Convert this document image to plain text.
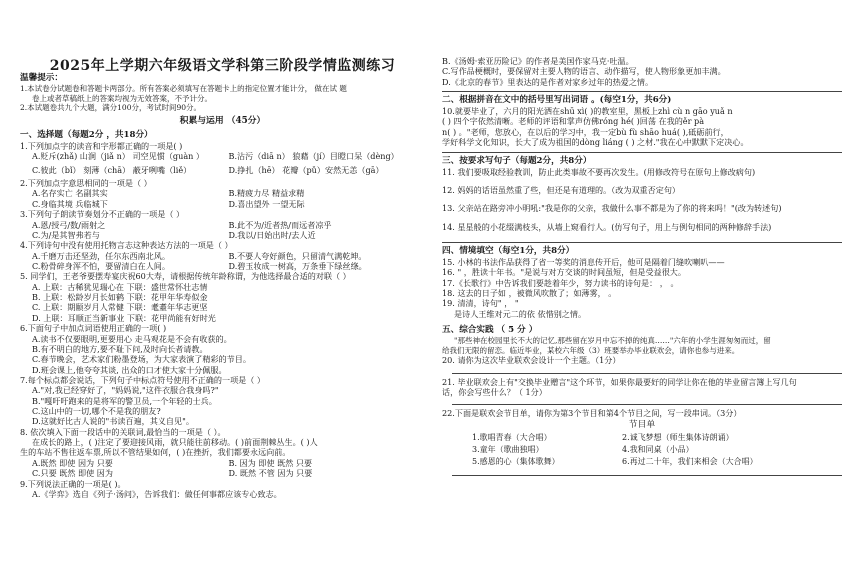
2025年上学期六年级语文学科第三阶段学情监测练习

温馨提示：

1.本试卷分试题卷和答题卡两部分。所有答案必须填写在答题卡上的指定位置才能计分， 做在试 题

卷上或者草稿纸上的答案均视为无效答案，不予计分。

2.本试题卷共九个大题，满分100分，考试时间90分。

积累与运用 （45分）

一、选择题（每题2分 ，共18分）

1.下列加点字的读音和字形都正确的一项是( )

A.贬斥(zhǎ) 山涧（jiǎ n） 司空见惯（guàn ）	B.沾污（diā n） 狼藉（jí）目瞪口呆（dèng）
C.彼此（bǐ） 刻薄（chā） 蔽牙咧嘴（liě）	D.挣扎（hē） 花瓣（pǔ）安然无恙（gā）

2.下列加点字意思相同的一项是（ ）

A.名存实亡 名副其实	B.精疲力尽 精益求精
C.身临其境 兵临城下	D.喜出望外 一望无际

3.下列句子朗读节奏划分不正确的一项是（ ）

A.恩/授弓/数/雨射之	B.此不为/近者热/而远者凉乎
C.为/是其智弗若与	D.我以/日始出时/去人近

4.下列诗句中没有使用托物言志这种表达方法的一项是（ ）

A.千磨万击还坚劲，任尔东西南北风。	B.不要人夸好颜色，只留清气满乾坤。
C.粉骨碎身浑不怕，要留清白在人间。	D.碧玉妆成一树高，万条垂下绿丝绦。

5. 同学们，王老爷要摆寿宴庆祝60大寿，请根据传统年龄称谓，为他选择最合适的对联（ ）

A. 上联：古稀犹见瑞心在 下联：盛世常怀壮志情

B. 上联：松龄岁月长如鹤 下联：花甲年华寿似金

C. 上联：期颐岁月人常健 下联：耄耋年华志更坚

D. 上联：耳顺正当新事业 下联：花甲尚能有好时光

6.下面句子中加点词语使用正确的一项( )

A.读书不仅要眼明,更要用心 走马观花是不会有收获的。

B.有不明白的地方,要不耻下问,及时向长者请教。

C.春节晚会，艺术家们粉墨登场，为大家表演了精彩的节目。

D.班会课上,他夸夸其谈, 出众的口才使大家十分佩服。

7.每个标点都会说话，下列句子中标点符号使用不正确的一项是（ ）

A."对,我已经穿好了，"妈妈说,"这件衣服合我身吗?"

B."嘎吁吁跑来的是将军的警卫员,一个年轻的士兵。

C.这山中的一切,哪个不是我的朋友?

D.这就好比古人说的"书读百遍，其义自见"。

8. 依次填入下面一段话中的关联词,最恰当的一项是（ ）。

在成长的路上，( )注定了要迎接风雨，就只能往前移动。( )前面荆棘丛生。( )人

生的车站不售往返车票,所以不管结果如何，( )在挫折，我们都要永远向前。

A.既然 即使 因为 只要	B. 因为 即使 既然 只要
C.只要 既然 即使 因为	D. 既然 不管 因为 只要

9.下列说法正确的一项是( )。

A.《学弈》选自《列子·汤问》，告诉我们：做任何事都应该专心致志。

B.《汤姆·索亚历险记》的作者是美国作家马克·吐温。

C.写作品梗概时，要保留对主要人物的语言、动作描写，使人物形象更加丰满。

D.《北京的春节》里表达的是作者对家乡过年的热爱之情。

二、根据拼音在文中的括号里写出词语 。(每空1分，共6分)

10.就要毕业了，六月的阳光洒在shū xì( )的教室里，黑板上zhì cù n gāo yuǎ n

( ) 四个字依然清晰。老师的评语和掌声仿佛róng hé( )回荡 在我的ěr pà

n( ) 。"老师，您放心，在以后的学习中，我一定bù fù shāo huá( ),砥砺前行，

学好科学文化知识，长大了成为祖国的dòng liáng ( ) 之材."我在心中默默下定决心。

三、按要求写句子（每题2分，共8分）

11. 我们要吸取经验教训，防止此类事故不要再次发生。(用修改符号在原句上修改病句)

12. 妈妈的话语虽然重了些，但还是有道理的。（改为双重否定句）

13. 父亲站在路旁冲小明吼:"我是你的父亲，我做什么事不都是为了你的将来吗！"(改为转述句)

14. 星星般的小花缀满枝头，从墙上窥看行人。(仿写句子，用上与例句相同的两种修辞手法)

四、情境填空（每空1分，共8分）

15. 小林的书法作品获得了省一等奖的消息传开后，他可是隔着门缝吹喇叭——

16. " ，胜读十年书。"是说与对方交谈的时间虽短，但是受益很大。

17.《长歌行》中告诉我们要趁着年少，努力读书的诗句是： ， 。

18. 这去的日子如 ，被微风吹散了；如薄雾， 。

19. 清清，诗句" ， "

是诗人王维对元二的依 依惜别之情。

五、综合实践 （ 5 分 ）

"那些神在校园里长不大的记忆,那些留在岁月中忘不掉的纯真……"六年的小学生涯匆匆而过，留

给我们无限的留恋。临近毕业，某校六年级（3）班要举办毕业联欢会，请你也参与进来。

20. 请你为这次毕业联欢会设计一个主题。（1分）

21. 毕业联欢会上有"交换毕业赠言"这个环节，如果你最要好的同学让你在他的毕业留言簿上写几句

话，你会写些什么？（ 1分）

22.下面是联欢会节目单，请你为第3个节目和第4个节目之间，写一段串词。（3分）

节目单

1.歌唱青春（大合唱）	2.诚飞梦想（师生集体诗朗诵）
3.童年（歌曲独唱）	4.我和同桌（小品）
5.感恩的心（集体歌舞）	6.再过二十年，我们来相会（大合唱）
